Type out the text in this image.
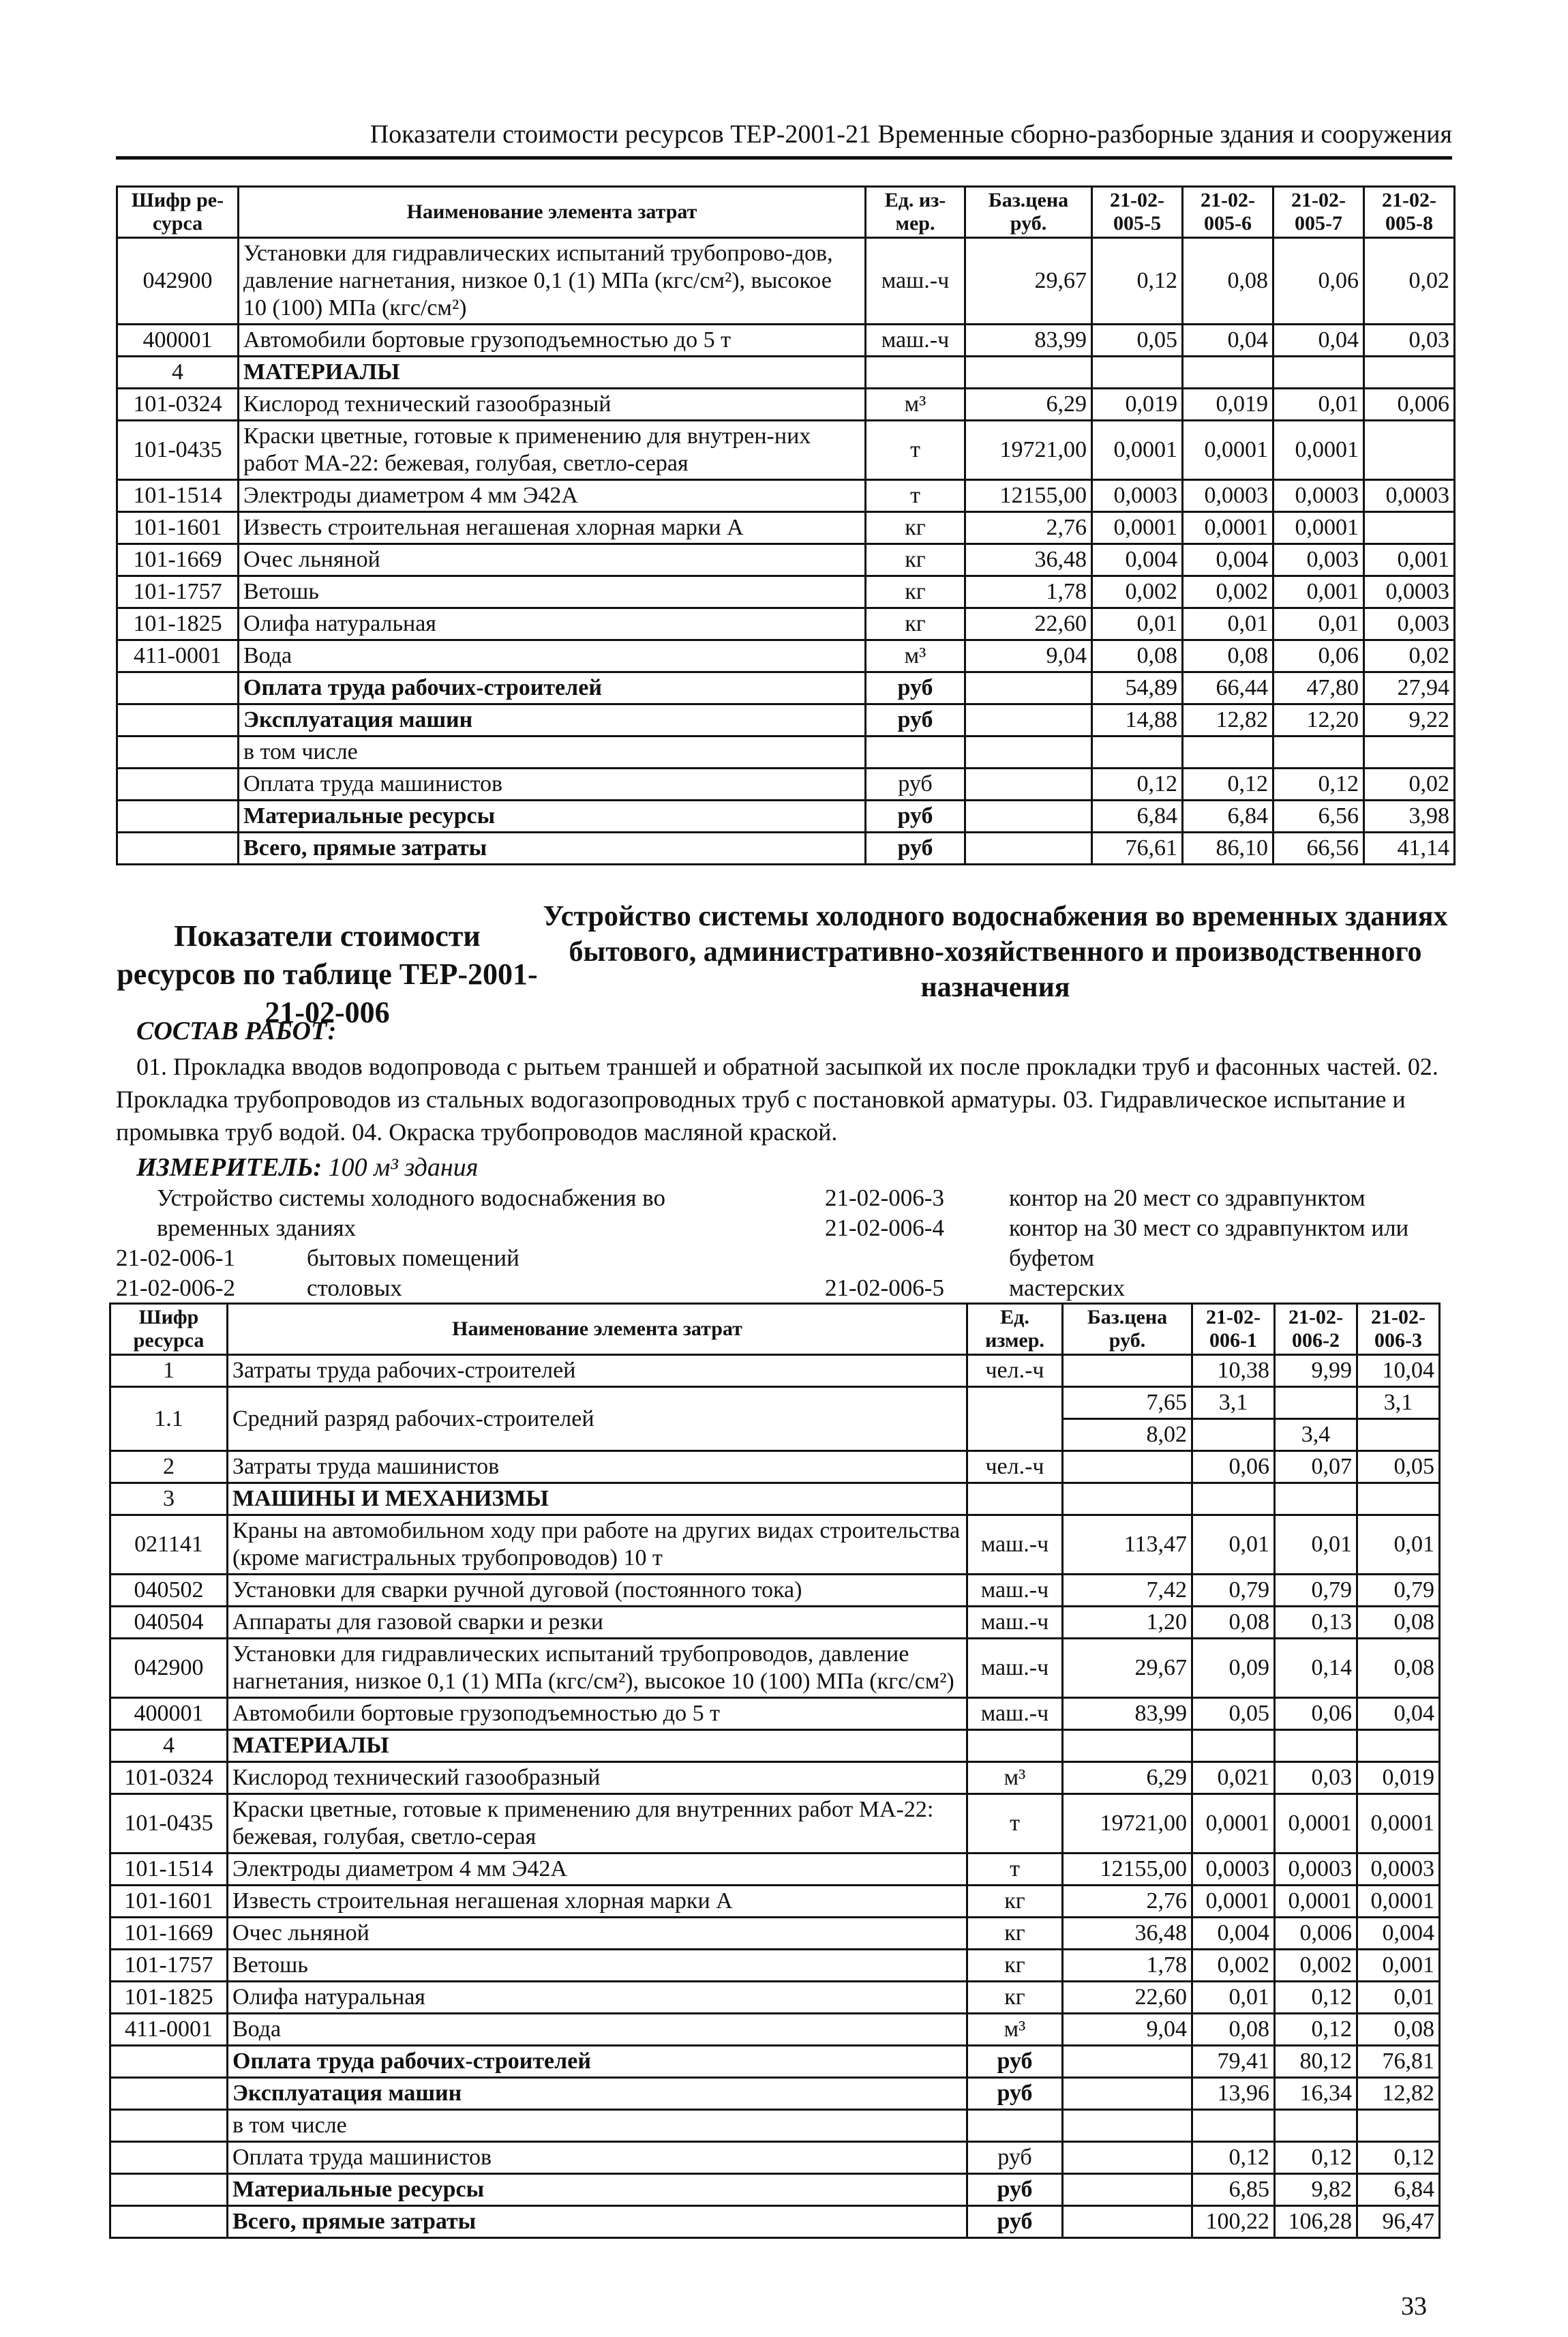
Показатели стоимости ресурсов ТЕР-2001-21 Временные сборно-разборные здания и сооружения
Шифр ре-сурса	Наименование элемента затрат	Ед. из-мер.	Баз.цена руб.	21-02-005-5	21-02-005-6	21-02-005-7	21-02-005-8
042900	Установки для гидравлических испытаний трубопрово-дов, давление нагнетания, низкое 0,1 (1) МПа (кгс/см²), высокое 10 (100) МПа (кгс/см²)	маш.-ч	29,67	0,12	0,08	0,06	0,02
400001	Автомобили бортовые грузоподъемностью до 5 т	маш.-ч	83,99	0,05	0,04	0,04	0,03
4	МАТЕРИАЛЫ						
101-0324	Кислород технический газообразный	м³	6,29	0,019	0,019	0,01	0,006
101-0435	Краски цветные, готовые к применению для внутрен-них работ МА-22: бежевая, голубая, светло-серая	т	19721,00	0,0001	0,0001	0,0001	
101-1514	Электроды диаметром 4 мм Э42А	т	12155,00	0,0003	0,0003	0,0003	0,0003
101-1601	Известь строительная негашеная хлорная марки А	кг	2,76	0,0001	0,0001	0,0001	
101-1669	Очес льняной	кг	36,48	0,004	0,004	0,003	0,001
101-1757	Ветошь	кг	1,78	0,002	0,002	0,001	0,0003
101-1825	Олифа натуральная	кг	22,60	0,01	0,01	0,01	0,003
411-0001	Вода	м³	9,04	0,08	0,08	0,06	0,02
	Оплата труда рабочих-строителей	руб		54,89	66,44	47,80	27,94
	Эксплуатация машин	руб		14,88	12,82	12,20	9,22
	в том числе						
	Оплата труда машинистов	руб		0,12	0,12	0,12	0,02
	Материальные ресурсы	руб		6,84	6,84	6,56	3,98
	Всего, прямые затраты	руб		76,61	86,10	66,56	41,14
Показатели стоимости ресурсов по таблице ТЕР-2001-21-02-006
Устройство системы холодного водоснабжения во временных зданиях бытового, административно-хозяйственного и производственного назначения
СОСТАВ РАБОТ:
01. Прокладка вводов водопровода с рытьем траншей и обратной засыпкой их после прокладки труб и фасонных частей. 02. Прокладка трубопроводов из стальных водогазопроводных труб с постановкой арматуры. 03. Гидравлическое испытание и промывка труб водой. 04. Окраска трубопроводов масляной краской.
ИЗМЕРИТЕЛЬ: 100 м³ здания
Устройство системы холодного водоснабжения во временных зданиях
21-02-006-1	бытовых помещений
21-02-006-2	столовых
21-02-006-3	контор на 20 мест со здравпунктом
21-02-006-4	контор на 30 мест со здравпунктом или буфетом
21-02-006-5	мастерских
Шифр ресурса	Наименование элемента затрат	Ед. измер.	Баз.цена руб.	21-02-006-1	21-02-006-2	21-02-006-3
1	Затраты труда рабочих-строителей	чел.-ч		10,38	9,99	10,04
1.1	Средний разряд рабочих-строителей		7,65	3,1		3,1
			8,02		3,4	
2	Затраты труда машинистов	чел.-ч		0,06	0,07	0,05
3	МАШИНЫ И МЕХАНИЗМЫ					
021141	Краны на автомобильном ходу при работе на других видах строительства (кроме магистральных трубопроводов) 10 т	маш.-ч	113,47	0,01	0,01	0,01
040502	Установки для сварки ручной дуговой (постоянного тока)	маш.-ч	7,42	0,79	0,79	0,79
040504	Аппараты для газовой сварки и резки	маш.-ч	1,20	0,08	0,13	0,08
042900	Установки для гидравлических испытаний трубопроводов, давление нагнетания, низкое 0,1 (1) МПа (кгс/см²), высокое 10 (100) МПа (кгс/см²)	маш.-ч	29,67	0,09	0,14	0,08
400001	Автомобили бортовые грузоподъемностью до 5 т	маш.-ч	83,99	0,05	0,06	0,04
4	МАТЕРИАЛЫ					
101-0324	Кислород технический газообразный	м³	6,29	0,021	0,03	0,019
101-0435	Краски цветные, готовые к применению для внутренних работ МА-22: бежевая, голубая, светло-серая	т	19721,00	0,0001	0,0001	0,0001
101-1514	Электроды диаметром 4 мм Э42А	т	12155,00	0,0003	0,0003	0,0003
101-1601	Известь строительная негашеная хлорная марки А	кг	2,76	0,0001	0,0001	0,0001
101-1669	Очес льняной	кг	36,48	0,004	0,006	0,004
101-1757	Ветошь	кг	1,78	0,002	0,002	0,001
101-1825	Олифа натуральная	кг	22,60	0,01	0,12	0,01
411-0001	Вода	м³	9,04	0,08	0,12	0,08
	Оплата труда рабочих-строителей	руб		79,41	80,12	76,81
	Эксплуатация машин	руб		13,96	16,34	12,82
	в том числе					
	Оплата труда машинистов	руб		0,12	0,12	0,12
	Материальные ресурсы	руб		6,85	9,82	6,84
	Всего, прямые затраты	руб		100,22	106,28	96,47
33
